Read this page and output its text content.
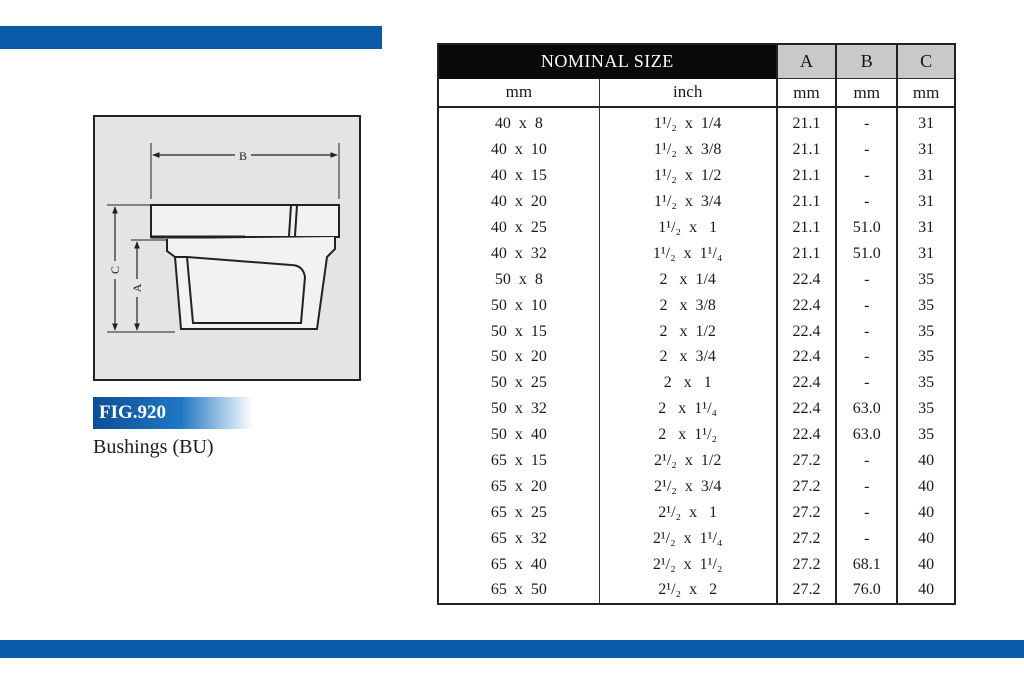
B
C
A
FIG.920
Bushings (BU)
NOMINAL SIZE		A	B	C
mm	inch	mm	mm	mm
40  x  8	1¹/₂  x  1/4	21.1	-	31
40  x  10	1¹/₂  x  3/8	21.1	-	31
40  x  15	1¹/₂  x  1/2	21.1	-	31
40  x  20	1¹/₂  x  3/4	21.1	-	31
40  x  25	1¹/₂  x   1	21.1	51.0	31
40  x  32	1¹/₂  x  1¹/₄	21.1	51.0	31
50  x  8	2   x  1/4	22.4	-	35
50  x  10	2   x  3/8	22.4	-	35
50  x  15	2   x  1/2	22.4	-	35
50  x  20	2   x  3/4	22.4	-	35
50  x  25	2   x   1	22.4	-	35
50  x  32	2   x  1¹/₄	22.4	63.0	35
50  x  40	2   x  1¹/₂	22.4	63.0	35
65  x  15	2¹/₂  x  1/2	27.2	-	40
65  x  20	2¹/₂  x  3/4	27.2	-	40
65  x  25	2¹/₂  x   1	27.2	-	40
65  x  32	2¹/₂  x  1¹/₄	27.2	-	40
65  x  40	2¹/₂  x  1¹/₂	27.2	68.1	40
65  x  50	2¹/₂  x   2	27.2	76.0	40
